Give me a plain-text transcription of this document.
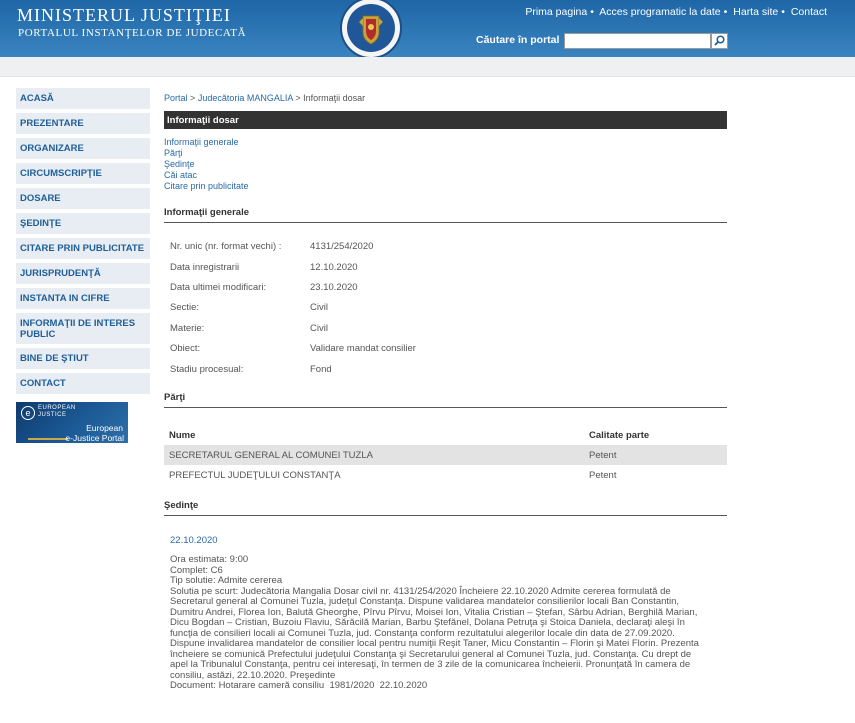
MINISTERUL JUSTIŢIEI
PORTALUL INSTANŢELOR DE JUDECATĂ
Prima pagina • Acces programatic la date • Harta site • Contact
Căutare în portal
ACASĂ
PREZENTARE
ORGANIZARE
CIRCUMSCRIPŢIE
DOSARE
ŞEDINŢE
CITARE PRIN PUBLICITATE
JURISPRUDENŢĂ
INSTANTA IN CIFRE
INFORMAŢII DE INTERES PUBLIC
BINE DE ŞTIUT
CONTACT
e	EUROPEAN
JUSTICE
European
e-Justice Portal
Portal > Judecătoria MANGALIA > Informaţii dosar
Informaţii dosar
Informaţii generale
Părţi
Şedinţe
Căi atac
Citare prin publicitate
Informaţii generale
Nr. unic (nr. format vechi) :	4131/254/2020
Data inregistrarii	12.10.2020
Data ultimei modificari:	23.10.2020
Sectie:	Civil
Materie:	Civil
Obiect:	Validare mandat consilier
Stadiu procesual:	Fond
Părţi
Nume	Calitate parte
SECRETARUL GENERAL AL COMUNEI TUZLA	Petent
PREFECTUL JUDEŢULUI CONSTANŢA	Petent
Şedinţe
22.10.2020
Ora estimata: 9:00
Complet: C6
Tip solutie: Admite cererea
Solutia pe scurt: Judecătoria Mangalia Dosar civil nr. 4131/254/2020 Încheiere 22.10.2020 Admite cererea formulată de
Secretarul general al Comunei Tuzla, judeţul Constanţa. Dispune validarea mandatelor consilierilor locali Ban Constantin,
Dumitru Andrei, Florea Ion, Balută Gheorghe, Pîrvu Pîrvu, Moisei Ion, Vitalia Cristian – Ştefan, Sârbu Adrian, Berghilă Marian,
Dicu Bogdan – Cristian, Buzoiu Flaviu, Sărăcilă Marian, Barbu Ştefănel, Dolana Petruţa şi Stoica Daniela, declaraţi aleşi în
funcţia de consilieri locali ai Comunei Tuzla, jud. Constanţa conform rezultatului alegerilor locale din data de 27.09.2020.
Dispune invalidarea mandatelor de consilier local pentru numiţii Reşit Taner, Micu Constantin – Florin şi Matei Florin. Prezenta
încheiere se comunică Prefectului judeţului Constanţa şi Secretarului general al Comunei Tuzla, jud. Constanţa. Cu drept de
apel la Tribunalul Constanţa, pentru cei interesaţi, în termen de 3 zile de la comunicarea încheierii. Pronunţată în camera de
consiliu, astăzi, 22.10.2020. Preşedinte
Document: Hotarare cameră consiliu  1981/2020  22.10.2020
